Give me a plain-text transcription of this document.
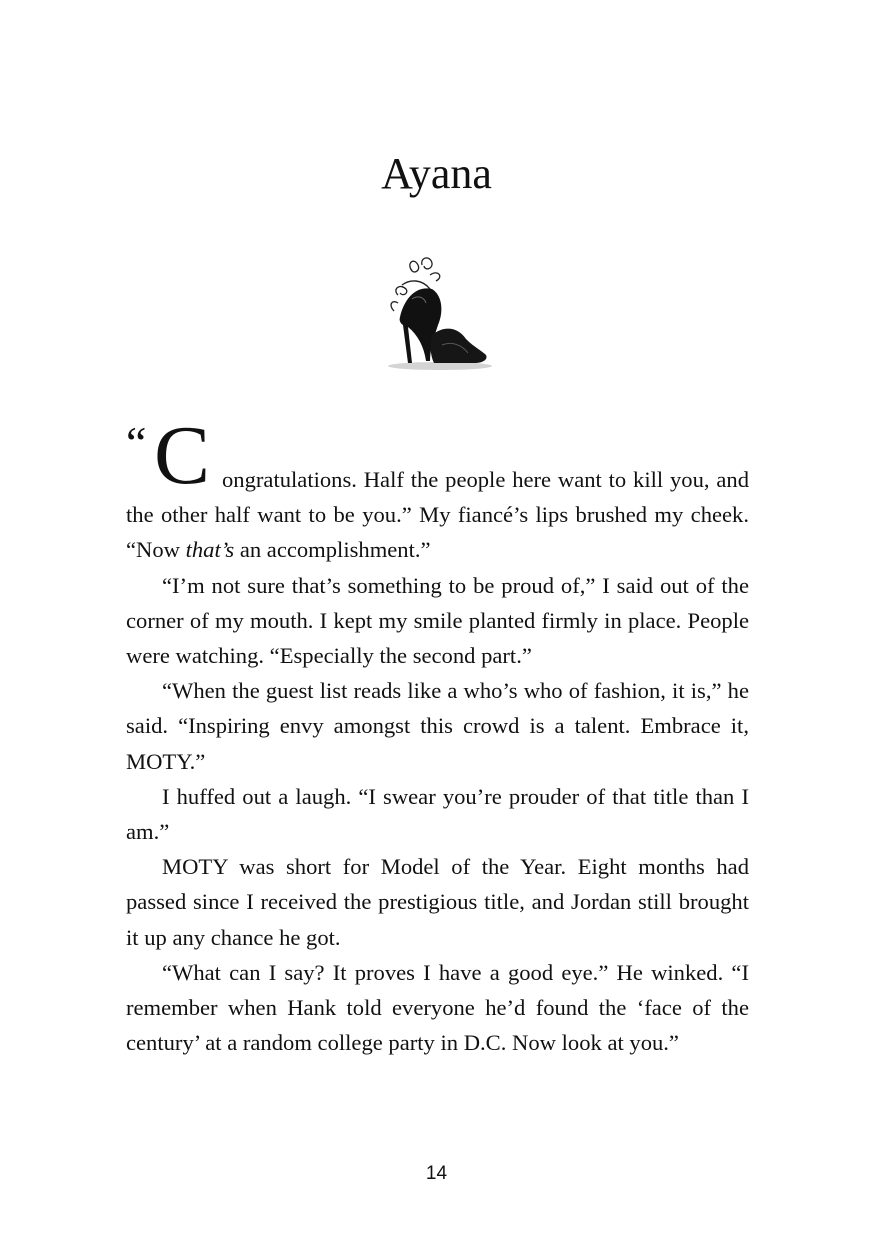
Ayana
“ C ongratulations. Half the people here want to kill you, and the other half want to be you.” My fiancé’s lips brushed my cheek. “Now that’s an accomplishment.”

“I’m not sure that’s something to be proud of,” I said out of the corner of my mouth. I kept my smile planted firmly in place. People were watching. “Especially the second part.”

“When the guest list reads like a who’s who of fashion, it is,” he said. “Inspiring envy amongst this crowd is a talent. Embrace it, MOTY.”

I huffed out a laugh. “I swear you’re prouder of that title than I am.”

MOTY was short for Model of the Year. Eight months had passed since I received the prestigious title, and Jordan still brought it up any chance he got.

“What can I say? It proves I have a good eye.” He winked. “I remember when Hank told everyone he’d found the ‘face of the century’ at a random college party in D.C. Now look at you.”

14
